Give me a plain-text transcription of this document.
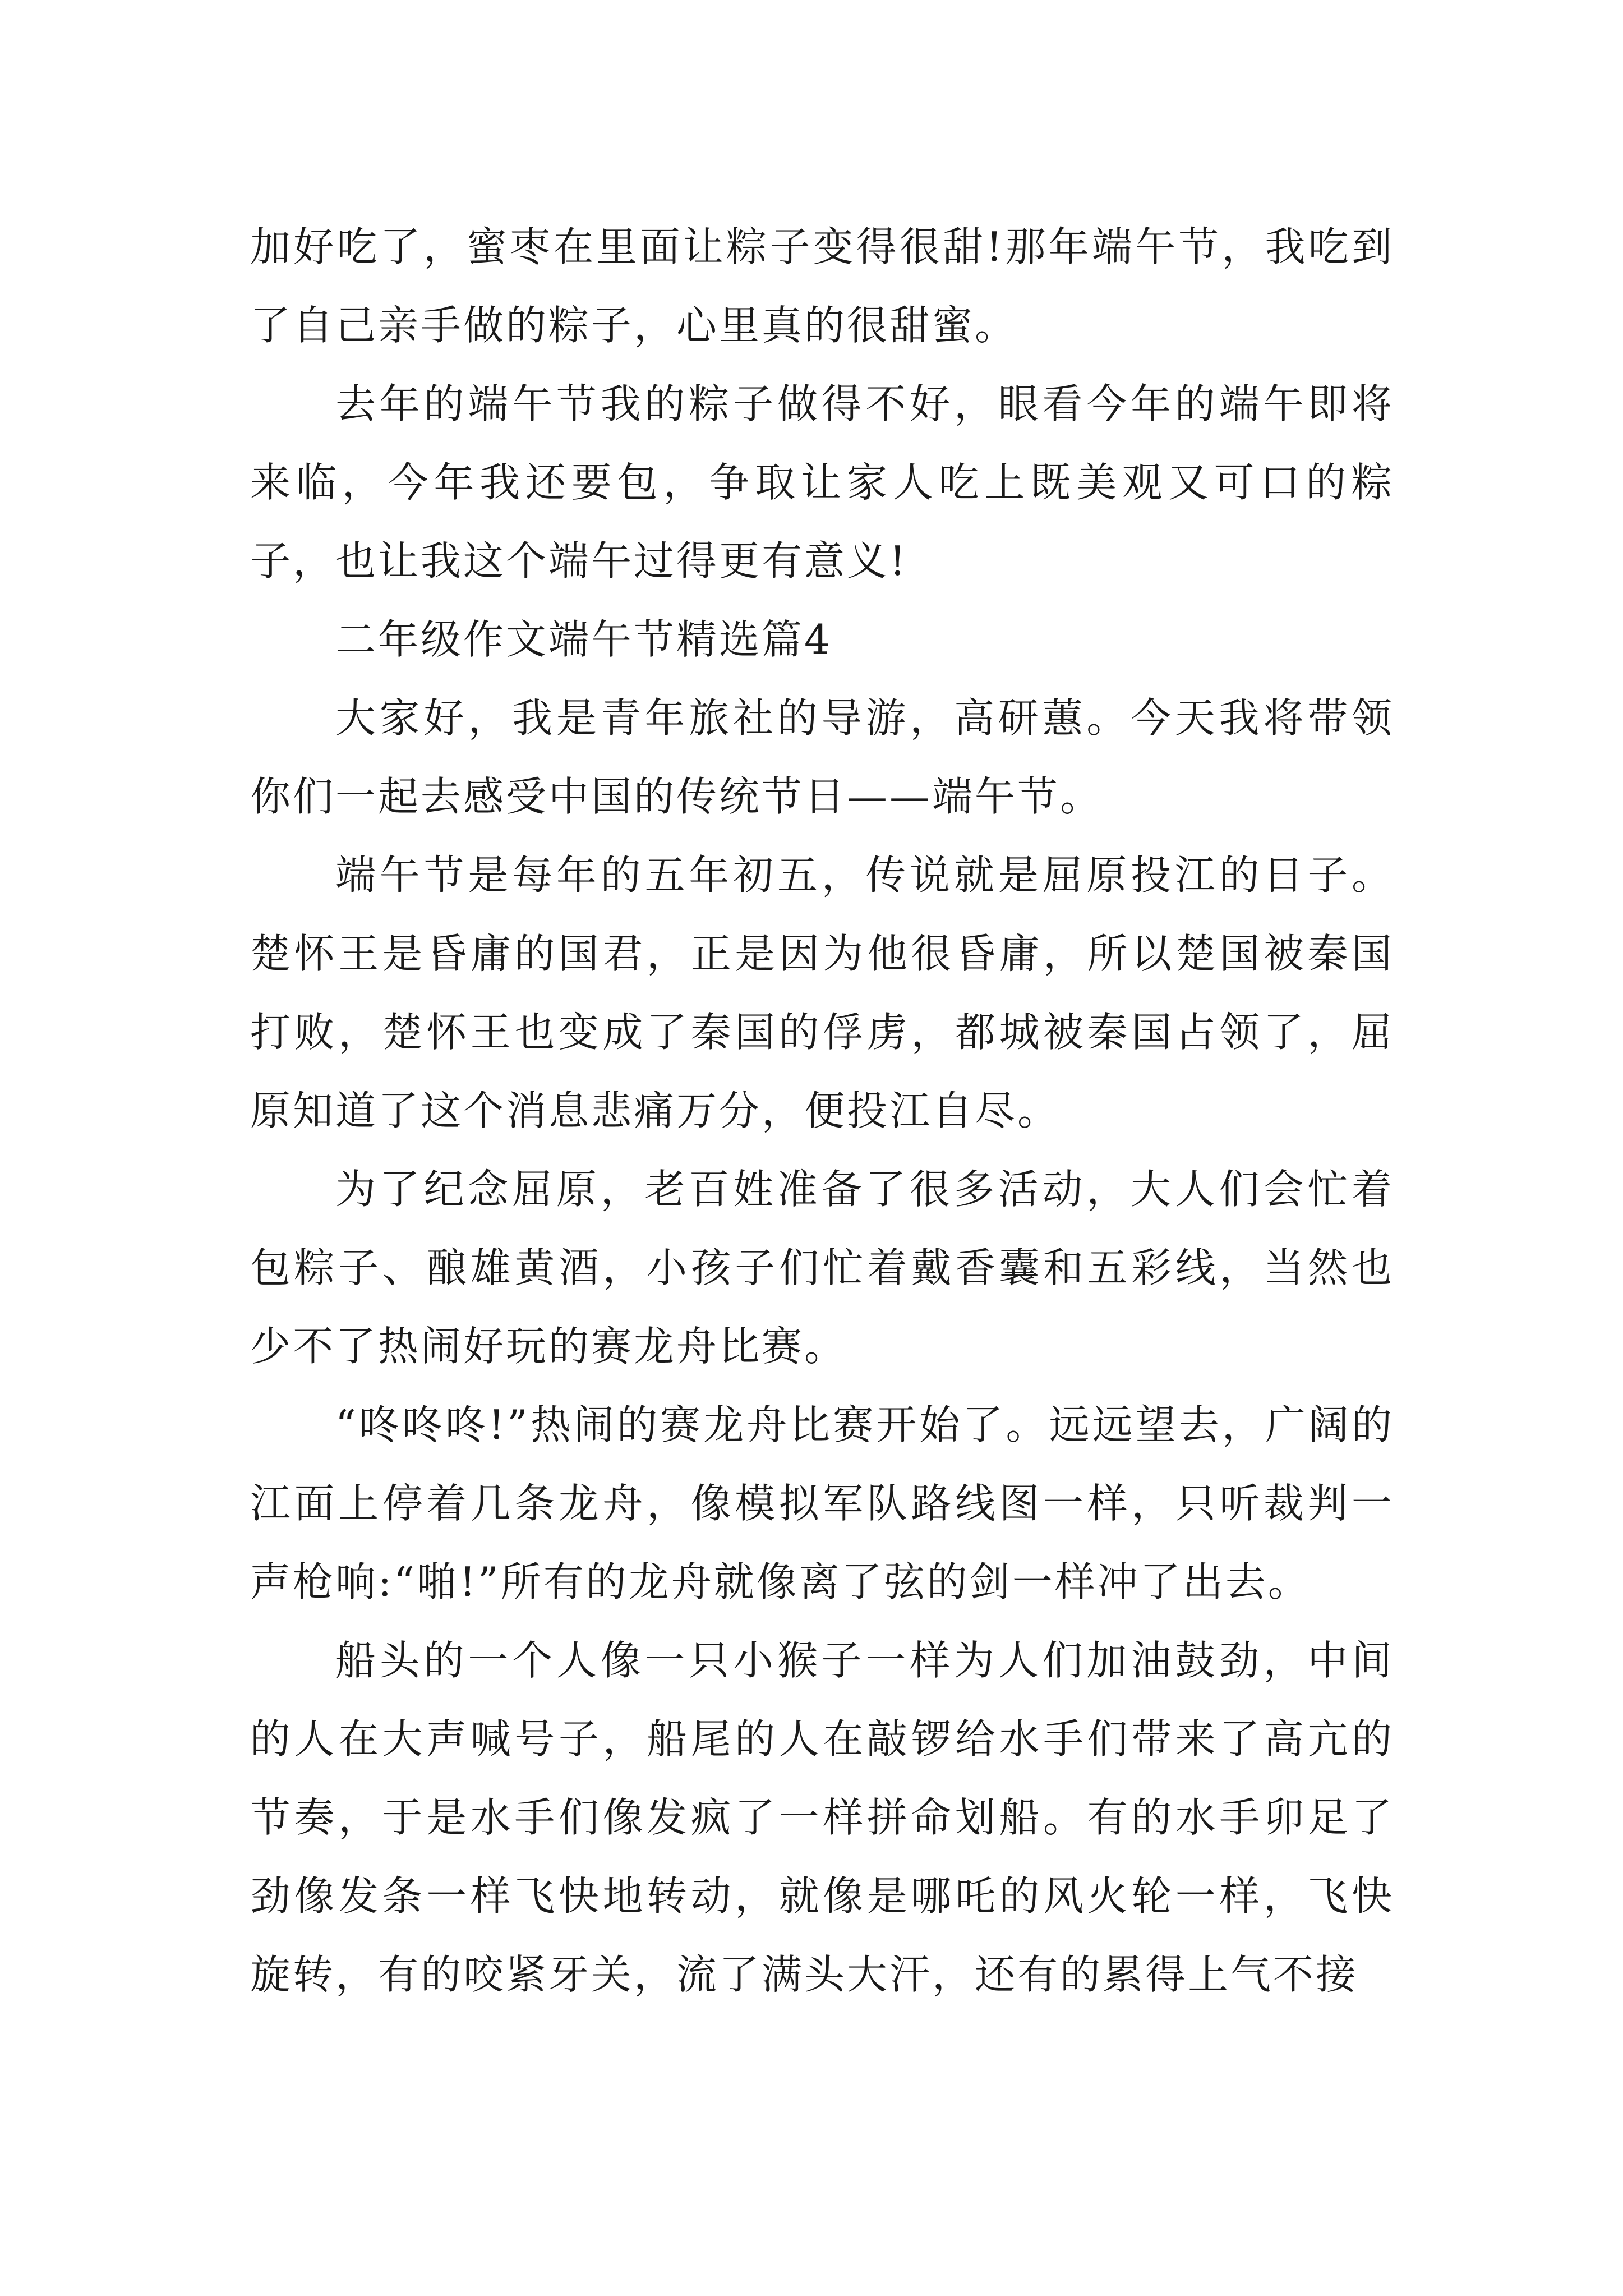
加好吃了，蜜枣在里面让粽子变得很甜!那年端午节，我吃到了自己亲手做的粽子，心里真的很甜蜜。

去年的端午节我的粽子做得不好，眼看今年的端午即将来临，今年我还要包，争取让家人吃上既美观又可口的粽子，也让我这个端午过得更有意义!

二年级作文端午节精选篇4

大家好，我是青年旅社的导游，高研蕙。今天我将带领你们一起去感受中国的传统节日——端午节。

端午节是每年的五年初五，传说就是屈原投江的日子。楚怀王是昏庸的国君，正是因为他很昏庸，所以楚国被秦国打败，楚怀王也变成了秦国的俘虏，都城被秦国占领了，屈原知道了这个消息悲痛万分，便投江自尽。

为了纪念屈原，老百姓准备了很多活动，大人们会忙着包粽子、酿雄黄酒，小孩子们忙着戴香囊和五彩线，当然也少不了热闹好玩的赛龙舟比赛。

“咚咚咚!”热闹的赛龙舟比赛开始了。远远望去，广阔的江面上停着几条龙舟，像模拟军队路线图一样，只听裁判一声枪响:“啪!”所有的龙舟就像离了弦的剑一样冲了出去。

船头的一个人像一只小猴子一样为人们加油鼓劲，中间的人在大声喊号子，船尾的人在敲锣给水手们带来了高亢的节奏，于是水手们像发疯了一样拼命划船。有的水手卯足了劲像发条一样飞快地转动，就像是哪吒的风火轮一样，飞快旋转，有的咬紧牙关，流了满头大汗，还有的累得上气不接
